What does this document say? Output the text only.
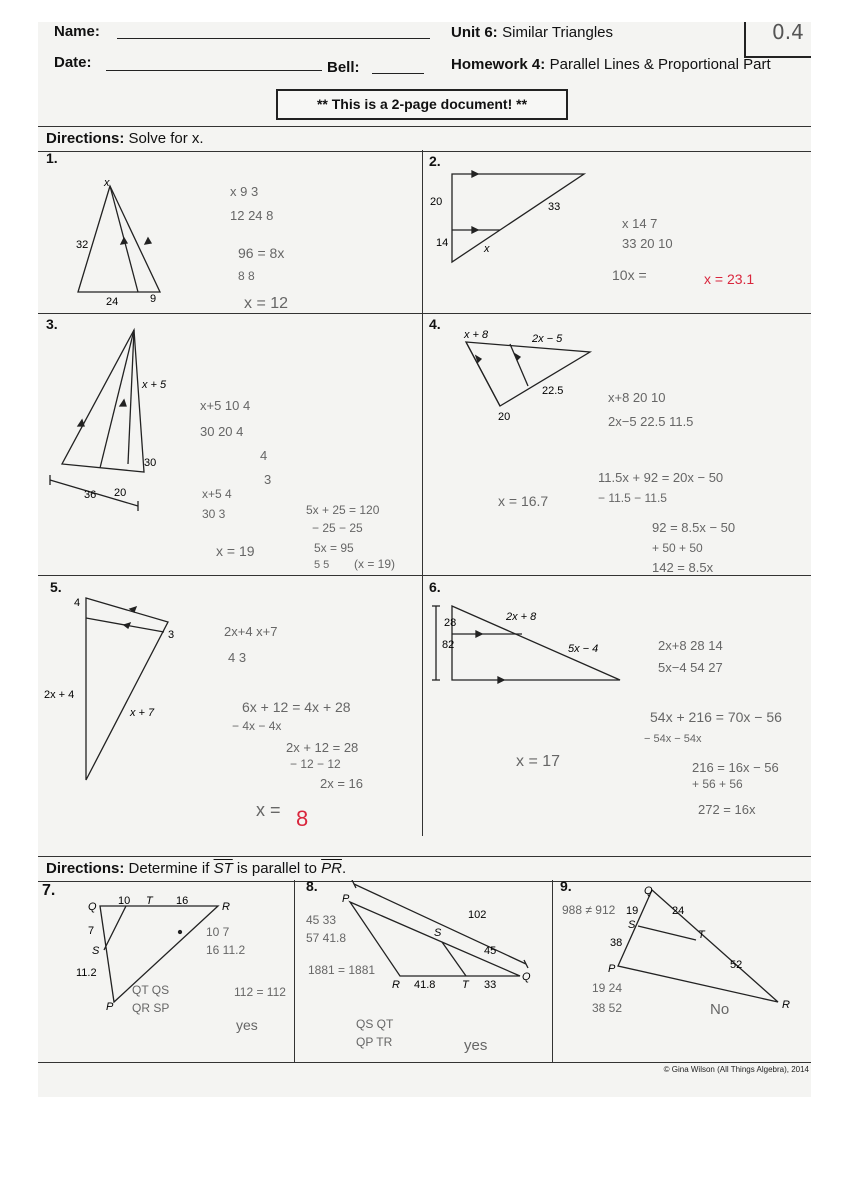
Name:
Date:	Bell:
Unit 6: Similar Triangles
Homework 4: Parallel Lines & Proportional Part
0.4
** This is a 2-page document! **
Directions: Solve for x.
1.	2.
3.	4.
5.	6.
x
32
24	9
x 9 3
12 24 8
96 = 8x
8 8
x = 12
20
14
33
x
x 14 7
33 20 10
10x =	x = 23.1
x + 5
30
36 20
x+5 10 4
30 20 4
4
3
x+5 4
30 3
x = 19
5x + 25 = 120
− 25 − 25
5x = 95
5 5 (x = 19)
x + 8	2x − 5
22.5
20
x+8 20 10
2x−5 22.5 11.5
11.5x + 92 = 20x − 50
− 11.5 − 11.5
92 = 8.5x − 50
+ 50 + 50
142 = 8.5x
x = 16.7
4
3
2x + 4
x + 7
2x+4 x+7
4 3
6x + 12 = 4x + 28
− 4x − 4x
2x + 12 = 28
− 12 − 12
2x = 16
x = 8
28
82
2x + 8
5x − 4	2x+8 28 14
5x−4 54 27
54x + 216 = 70x − 56
− 54x − 54x
216 = 16x − 56
+ 56 + 56
272 = 16x
x = 17
Directions: Determine if $\overline{ST}$ is parallel to $\overline{PR}$.
7.	8.	9.
Q 10 T 16	R
7
S
11.2
P
10 7
16 11.2
112 = 112
QT QS
QR SP
yes
P
102
S
45
R 41.8 T 33
Q
45 33
57 41.8
1881 = 1881
QS QT
QP TR	yes
Q
19	24
S
T
38
52
P
R
988 ≠ 912
19 24
38 52	No
© Gina Wilson (All Things Algebra), 2014
